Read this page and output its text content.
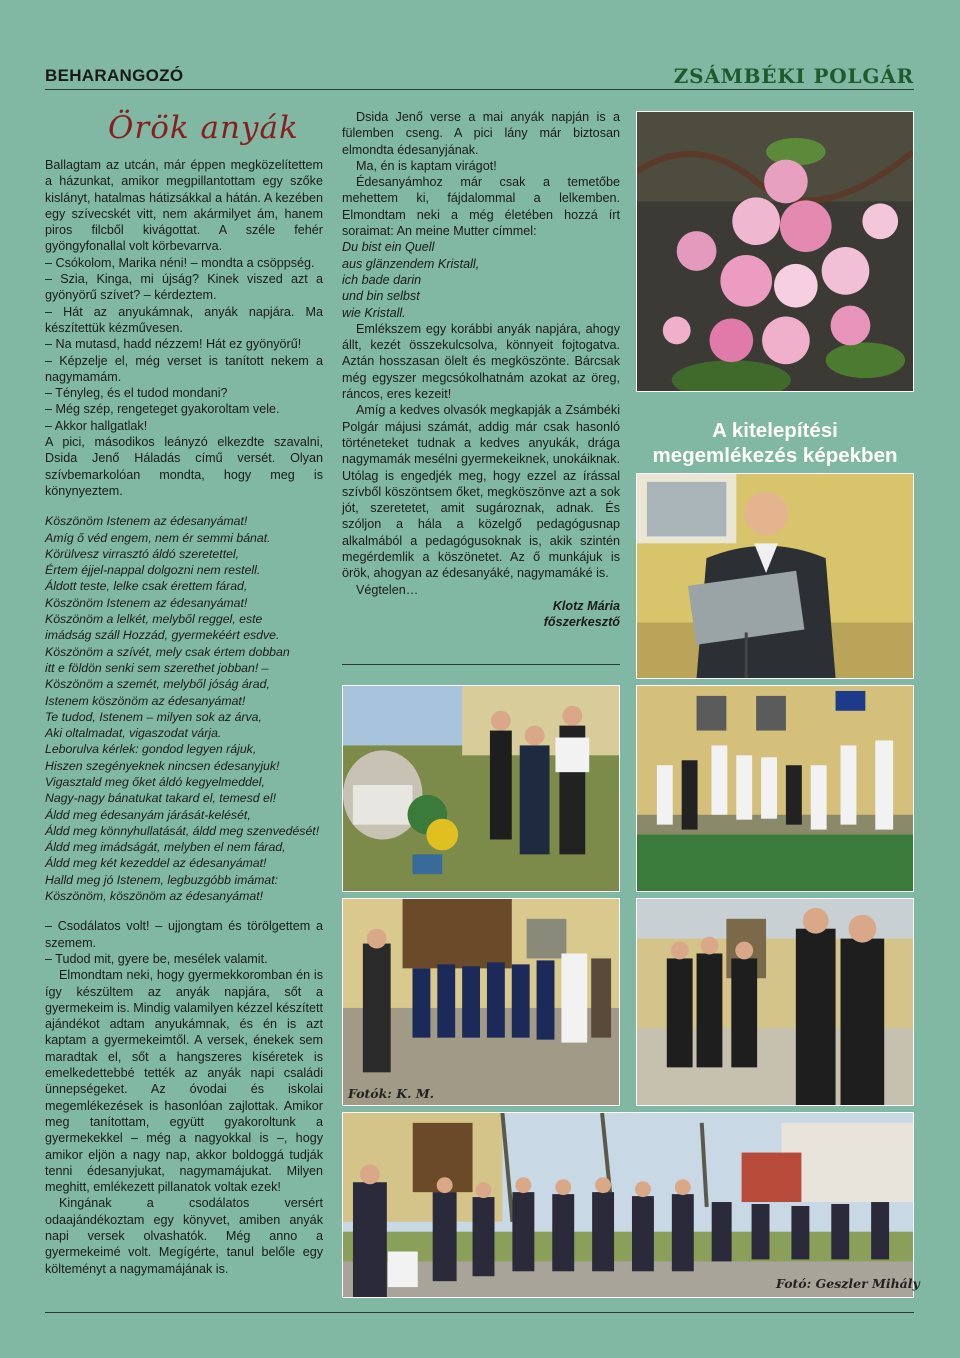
BEHARANGOZÓ	ZSÁMBÉKI POLGÁR
Örök anyák

Ballagtam az utcán, már éppen megközelítettem a házunkat, amikor megpillantottam egy szőke kislányt, hatalmas hátizsákkal a hátán. A kezében egy szívecskét vitt, nem akármilyet ám, hanem piros filcből kivágottat. A széle fehér gyöngyfonallal volt körbevarrva.

– Csókolom, Marika néni! – mondta a csöppség.

– Szia, Kinga, mi újság? Kinek viszed azt a gyönyörű szívet? – kérdeztem.

– Hát az anyukámnak, anyák napjára. Ma készítettük kézművesen.

– Na mutasd, hadd nézzem! Hát ez gyönyörű!

– Képzelje el, még verset is tanított nekem a nagymamám.

– Tényleg, és el tudod mondani?

– Még szép, rengeteget gyakoroltam vele.

– Akkor hallgatlak!

A pici, másodikos leányzó elkezdte szavalni, Dsida Jenő Háladás című versét. Olyan szívbemarkolóan mondta, hogy meg is könynyeztem.

Köszönöm Istenem az édesanyámat!

Amíg ő véd engem, nem ér semmi bánat.

Körülvesz virrasztó áldó szeretettel,

Értem éjjel-nappal dolgozni nem restell.

Áldott teste, lelke csak érettem fárad,

Köszönöm Istenem az édesanyámat!

Köszönöm a lelkét, melyből reggel, este

imádság száll Hozzád, gyermekéért esdve.

Köszönöm a szívét, mely csak értem dobban

itt e földön senki sem szerethet jobban! –

Köszönöm a szemét, melyből jóság árad,

Istenem köszönöm az édesanyámat!

Te tudod, Istenem – milyen sok az árva,

Aki oltalmadat, vigaszodat várja.

Leborulva kérlek: gondod legyen rájuk,

Hiszen szegényeknek nincsen édesanyjuk!

Vigasztald meg őket áldó kegyelmeddel,

Nagy-nagy bánatukat takard el, temesd el!

Áldd meg édesanyám járását-kelését,

Áldd meg könnyhullatását, áldd meg szenvedését!

Áldd meg imádságát, melyben el nem fárad,

Áldd meg két kezeddel az édesanyámat!

Halld meg jó Istenem, legbuzgóbb imámat:

Köszönöm, köszönöm az édesanyámat!

– Csodálatos volt! – ujjongtam és törölgettem a szemem.

– Tudod mit, gyere be, mesélek valamit.

Elmondtam neki, hogy gyermekkoromban én is így készültem az anyák napjára, sőt a gyermekeim is. Mindig valamilyen kézzel készített ajándékot adtam anyukámnak, és én is azt kaptam a gyermekeimtől. A versek, énekek sem maradtak el, sőt a hangszeres kíséretek is emelkedettebbé tették az anyák napi családi ünnepségeket. Az óvodai és iskolai megemlékezések is hasonlóan zajlottak. Amikor meg tanítottam, együtt gyakoroltunk a gyermekekkel – még a nagyokkal is –, hogy amikor eljön a nagy nap, akkor boldoggá tudják tenni édesanyjukat, nagymamájukat. Milyen meghitt, emlékezett pillanatok voltak ezek!

Kingának a csodálatos versért odaajándékoztam egy könyvet, amiben anyák napi versek olvashatók. Még anno a gyermekeimé volt. Megígérte, tanul belőle egy költeményt a nagymamájának is.

Dsida Jenő verse a mai anyák napján is a fülemben cseng. A pici lány már biztosan elmondta édesanyjának.

Ma, én is kaptam virágot!

Édesanyámhoz már csak a temetőbe mehettem ki, fájdalommal a lelkemben. Elmondtam neki a még életében hozzá írt soraimat: An meine Mutter címmel:

Du bist ein Quell

aus glänzendem Kristall,

ich bade darin

und bin selbst

wie Kristall.

Emlékszem egy korábbi anyák napjára, ahogy állt, kezét összekulcsolva, könnyeit fojtogatva. Aztán hosszasan ölelt és megköszönte. Bárcsak még egyszer megcsókolhatnám azokat az öreg, ráncos, eres kezeit!

Amíg a kedves olvasók megkapják a Zsámbéki Polgár májusi számát, addig már csak hasonló történeteket tudnak a kedves anyukák, drága nagymamák mesélni gyermekeiknek, unokáiknak. Utólag is engedjék meg, hogy ezzel az írással szívből köszöntsem őket, megköszönve azt a sok jót, szeretetet, amit sugároznak, adnak. És szóljon a hála a közelgő pedagógusnap alkalmából a pedagógusoknak is, akik szintén megérdemlik a köszönetet. Az ő munkájuk is örök, ahogyan az édesanyáké, nagymamáké is.

Végtelen…

Klotz Mária

főszerkesztő

A kitelepítési
megemlékezés képekben
Fotók: K. M.
Fotó: Geszler Mihály
